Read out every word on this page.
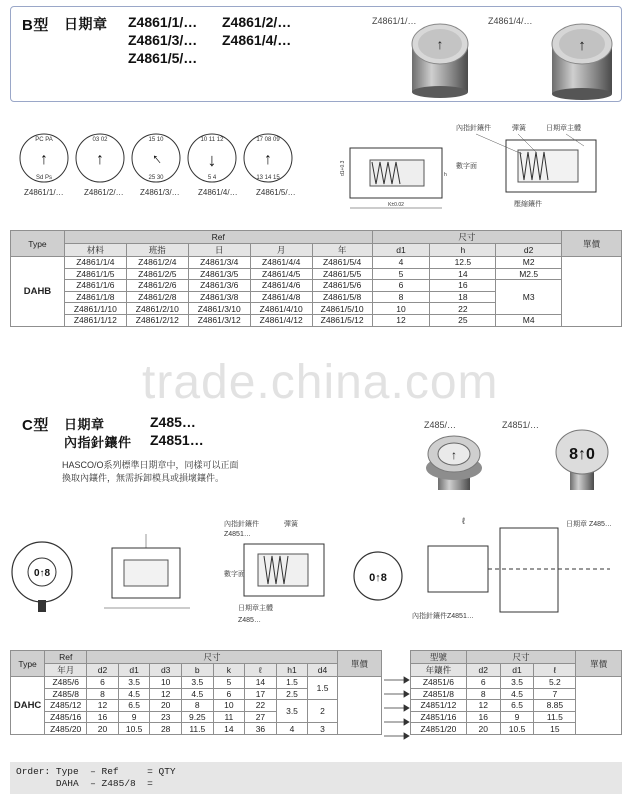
B型 日期章 Z4861/1/… Z4861/2/…
Z4861/3/… Z4861/4/…
Z4861/5/…
Z4861/1/…	Z4861/4/…
↑	↑
↑
PC PA
Sd Ps
↑
03 02
↑
15 10
25 30
↓
10 11 12
5 4
↑
17 08 09
13 14 15
Z4861/1/…	Z4861/2/… Z4861/3/… Z4861/4/… Z4861/5/…
K±0.02
d1+0.3	h
內指針鑲件	彈簧	日期章主體
數字面
壓縮鑲件
Type	Ref					尺寸			單價
	材料	班指	日	月	年	d1	h	d2	
DAHB	Z4861/1/4	Z4861/2/4	Z4861/3/4	Z4861/4/4	Z4861/5/4	4	12.5	M2	
	Z4861/1/5	Z4861/2/5	Z4861/3/5	Z4861/4/5	Z4861/5/5	5	14	M2.5	
	Z4861/1/6	Z4861/2/6	Z4861/3/6	Z4861/4/6	Z4861/5/6	6	16	M3	
	Z4861/1/8	Z4861/2/8	Z4861/3/8	Z4861/4/8	Z4861/5/8	8	18		
	Z4861/1/10	Z4861/2/10	Z4861/3/10	Z4861/4/10	Z4861/5/10	10	22		
	Z4861/1/12	Z4861/2/12	Z4861/3/12	Z4861/4/12	Z4861/5/12	12	25	M4	
trade.china.com
C型 日期章	Z485…
內指針鑲件 Z4851…
HASCO/O系列標準日期章中，同樣可以正面
換取內鑲件，無需拆卸模具或損壞鑲件。
Z485/…	Z4851/…
↑	8↑0
0↑8
內指針鑲件
Z4851…
彈簧
數字面
日期章主體
Z485…
0↑8
日期章 Z485…
ℓ
內指針鑲件Z4851…
Type	Ref	尺寸								單價
	年月	d2	d1	d3	b	k	ℓ	h1	d4	
DAHC	Z485/6	6	3.5	10	3.5	5	14	1.5	1.5	
	Z485/8	8	4.5	12	4.5	6	17	2.5		
	Z485/12	12	6.5	20	8	10	22	3.5	2	
	Z485/16	16	9	23	9.25	11	27			
	Z485/20	20	10.5	28	11.5	14	36	4	3	
型號	尺寸			單價
年鑲件	d2	d1	ℓ	
Z4851/6	6	3.5	5.2	
Z4851/8	8	4.5	7	
Z4851/12	12	6.5	8.85	
Z4851/16	16	9	11.5	
Z4851/20	20	10.5	15	
Order: Type  – Ref     = QTY
DAHA  – Z485/8  =
